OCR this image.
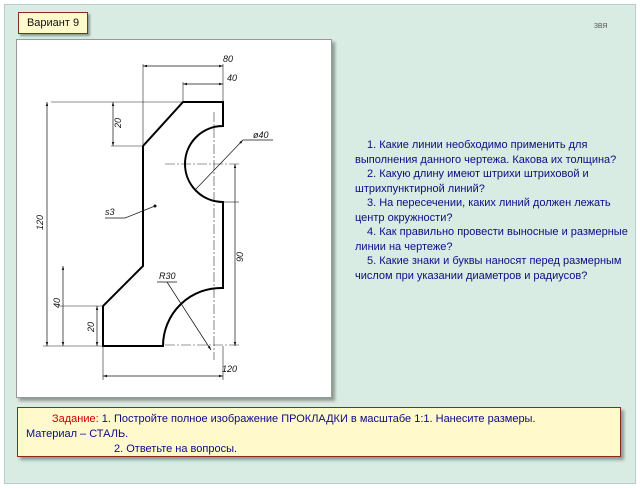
Вариант 9	3ВЯ
80
40
20
ø40
s3
120
90
R30
40
20
120

1. Какие линии необходимо применить для выполнения данного чертежа. Какова их толщина?

2. Какую длину имеют штрихи штриховой и штрихпунктирной линий?

3. На пересечении, каких линий должен лежать центр окружности?

4. Как правильно провести выносные и размерные линии на чертеже?

5. Какие знаки и буквы наносят перед размерным числом при указании диаметров и радиусов?

Задание: 1. Постройте полное изображение ПРОКЛАДКИ в масштабе 1:1. Нанесите размеры.
Материал – СТАЛЬ.
2. Ответьте на вопросы.
